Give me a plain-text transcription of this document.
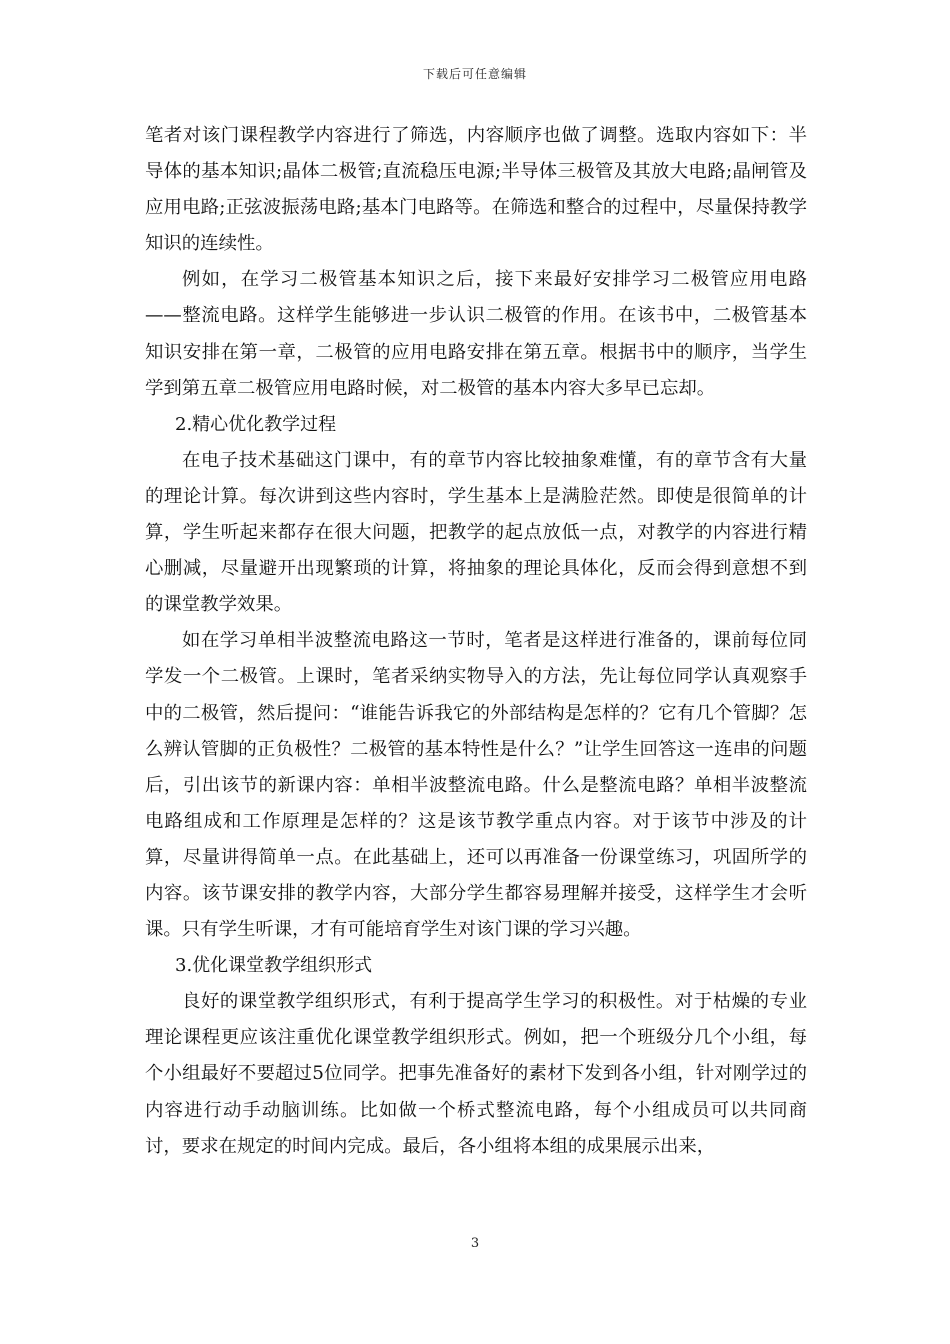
下载后可任意编辑

笔者对该门课程教学内容进行了筛选，内容顺序也做了调整。选取内容如下：半导体的基本知识;晶体二极管;直流稳压电源;半导体三极管及其放大电路;晶闸管及应用电路;正弦波振荡电路;基本门电路等。在筛选和整合的过程中，尽量保持教学知识的连续性。

例如，在学习二极管基本知识之后，接下来最好安排学习二极管应用电路——整流电路。这样学生能够进一步认识二极管的作用。在该书中，二极管基本知识安排在第一章，二极管的应用电路安排在第五章。根据书中的顺序，当学生学到第五章二极管应用电路时候，对二极管的基本内容大多早已忘却。

2.精心优化教学过程

在电子技术基础这门课中，有的章节内容比较抽象难懂，有的章节含有大量的理论计算。每次讲到这些内容时，学生基本上是满脸茫然。即使是很简单的计算，学生听起来都存在很大问题，把教学的起点放低一点，对教学的内容进行精心删减，尽量避开出现繁琐的计算，将抽象的理论具体化，反而会得到意想不到的课堂教学效果。

如在学习单相半波整流电路这一节时，笔者是这样进行准备的，课前每位同学发一个二极管。上课时，笔者采纳实物导入的方法，先让每位同学认真观察手中的二极管，然后提问：“谁能告诉我它的外部结构是怎样的？它有几个管脚？怎么辨认管脚的正负极性？二极管的基本特性是什么？”让学生回答这一连串的问题后，引出该节的新课内容：单相半波整流电路。什么是整流电路？单相半波整流电路组成和工作原理是怎样的？这是该节教学重点内容。对于该节中涉及的计算，尽量讲得简单一点。在此基础上，还可以再准备一份课堂练习，巩固所学的内容。该节课安排的教学内容，大部分学生都容易理解并接受，这样学生才会听课。只有学生听课，才有可能培育学生对该门课的学习兴趣。

3.优化课堂教学组织形式

良好的课堂教学组织形式，有利于提高学生学习的积极性。对于枯燥的专业理论课程更应该注重优化课堂教学组织形式。例如，把一个班级分几个小组，每个小组最好不要超过5位同学。把事先准备好的素材下发到各小组，针对刚学过的内容进行动手动脑训练。比如做一个桥式整流电路，每个小组成员可以共同商讨，要求在规定的时间内完成。最后，各小组将本组的成果展示出来，

3
